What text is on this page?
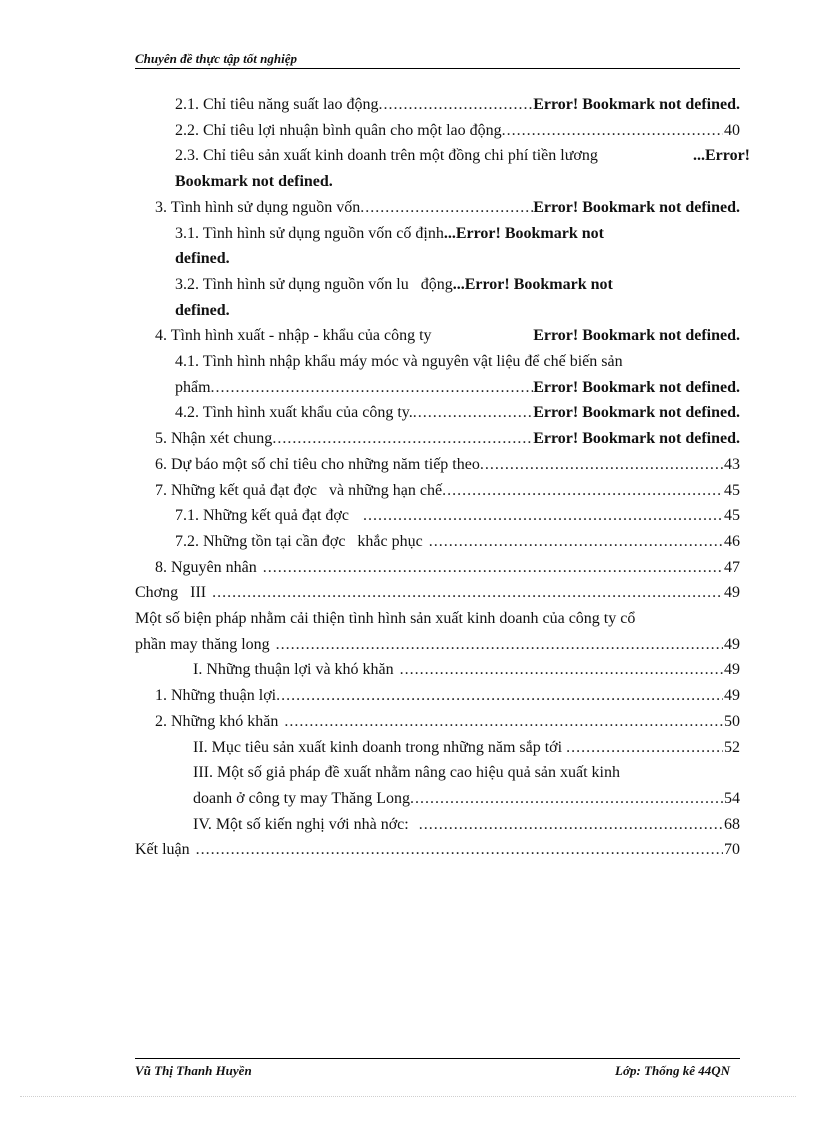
Chuyên đề thực tập tốt nghiệp
2.1. Chỉ tiêu năng suất lao động .....	Error! Bookmark not defined.
2.2. Chỉ tiêu lợi nhuận bình quân cho một lao động .....	40
2.3. Chỉ tiêu sản xuất kinh doanh trên một đồng chi phí tiền lương	...Error!
Bookmark not defined.
3. Tình hình sử dụng nguồn vốn .....	Error! Bookmark not defined.
3.1. Tình hình sử dụng nguồn vốn cố định ...Error! Bookmark not
defined.
3.2. Tình hình sử dụng nguồn vốn lu   động ...Error! Bookmark not
defined.
4. Tình hình xuất - nhập - khẩu của công ty	Error! Bookmark not defined.
4.1. Tình hình nhập khẩu máy móc và nguyên vật liệu để chế biến sản
phẩm .....	Error! Bookmark not defined.
4.2. Tình hình xuất khẩu của công ty. .....	Error! Bookmark not defined.
5. Nhận xét chung .....	Error! Bookmark not defined.
6. Dự báo một số chỉ tiêu cho những năm tiếp theo .....	43
7. Những kết quả đạt đợc   và những hạn chế .....	45
7.1. Những kết quả đạt đợc .....	45
7.2. Những tồn tại cần đợc   khắc phục .....	46
8. Nguyên nhân .....	47
Chơng   III .....	49
Một số biện pháp nhằm cải thiện tình hình sản xuất kinh doanh của công ty cổ
phần may thăng long .....	49
I. Những thuận lợi và khó khăn .....	49
1. Những thuận lợi .....	49
2. Những khó khăn .....	50
II. Mục tiêu sản xuất kinh doanh trong những năm sắp tới .....	52
III. Một số giả pháp đề xuất nhằm nâng cao hiệu quả sản xuất kinh
doanh ở công ty may Thăng Long .....	54
IV. Một số kiến nghị với nhà nớc: .....	68
Kết luận .....	70
Vũ Thị Thanh Huyền	Lớp: Thống kê 44QN
